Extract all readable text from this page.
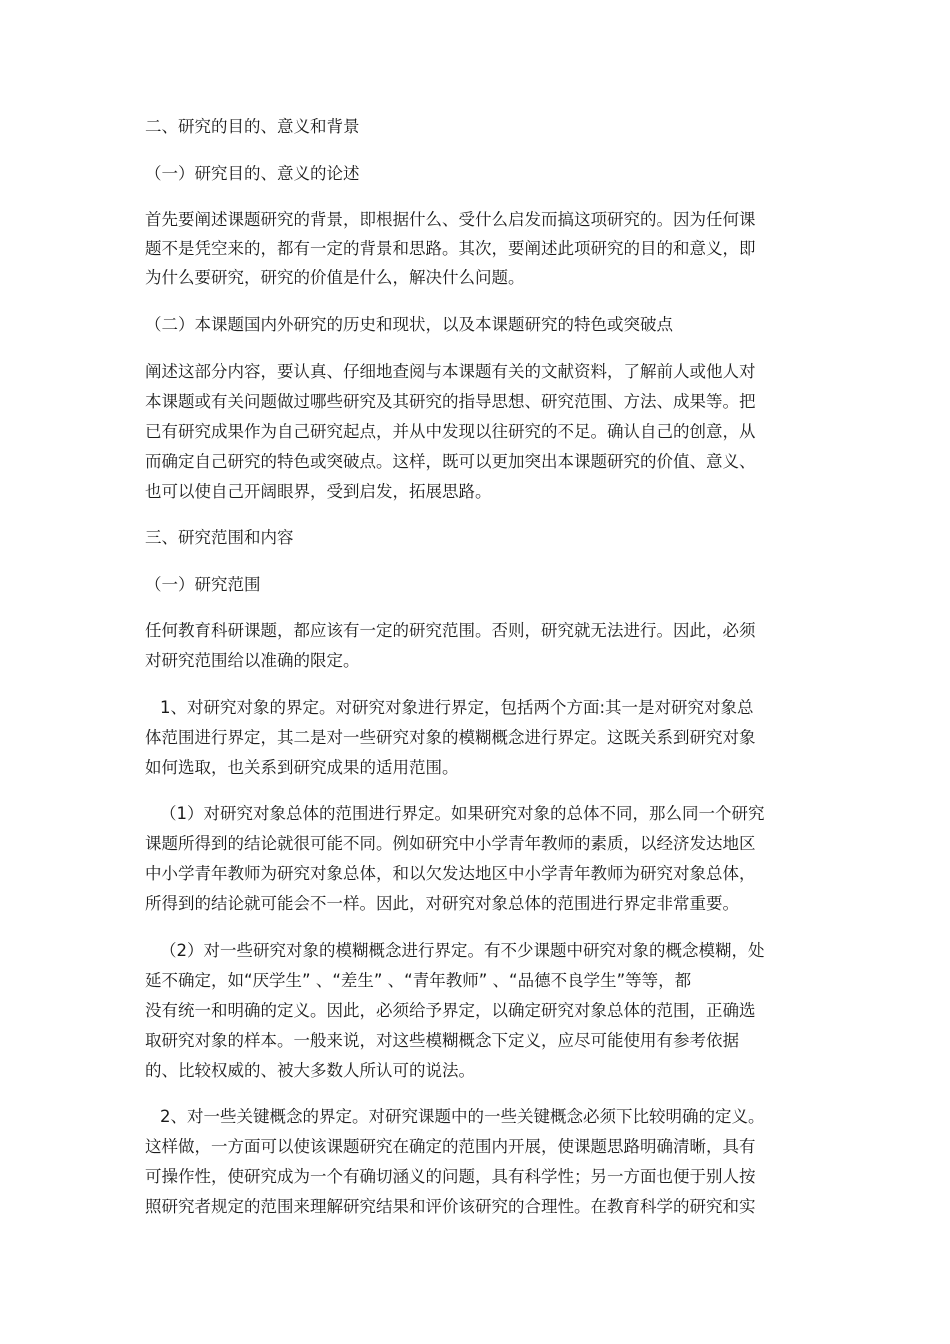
二、研究的目的、意义和背景

（一）研究目的、意义的论述

首先要阐述课题研究的背景，即根据什么、受什么启发而搞这项研究的。因为任何课

题不是凭空来的，都有一定的背景和思路。其次，要阐述此项研究的目的和意义，即

为什么要研究，研究的价值是什么，解决什么问题。

（二）本课题国内外研究的历史和现状，以及本课题研究的特色或突破点

阐述这部分内容，要认真、仔细地查阅与本课题有关的文献资料，了解前人或他人对

本课题或有关问题做过哪些研究及其研究的指导思想、研究范围、方法、成果等。把

已有研究成果作为自己研究起点，并从中发现以往研究的不足。确认自己的创意，从

而确定自己研究的特色或突破点。这样，既可以更加突出本课题研究的价值、意义、

也可以使自己开阔眼界，受到启发，拓展思路。

三、研究范围和内容

（一）研究范围

任何教育科研课题，都应该有一定的研究范围。否则，研究就无法进行。因此，必须

对研究范围给以准确的限定。

1、对研究对象的界定。对研究对象进行界定，包括两个方面:其一是对研究对象总

体范围进行界定，其二是对一些研究对象的模糊概念进行界定。这既关系到研究对象

如何选取，也关系到研究成果的适用范围。

（1）对研究对象总体的范围进行界定。如果研究对象的总体不同，那么同一个研究

课题所得到的结论就很可能不同。例如研究中小学青年教师的素质，以经济发达地区

中小学青年教师为研究对象总体，和以欠发达地区中小学青年教师为研究对象总体，

所得到的结论就可能会不一样。因此，对研究对象总体的范围进行界定非常重要。

（2）对一些研究对象的模糊概念进行界定。有不少课题中研究对象的概念模糊，处

延不确定，如“厌学生” 、“差生” 、“青年教师” 、“品德不良学生”等等，都

没有统一和明确的定义。因此，必须给予界定，以确定研究对象总体的范围，正确选

取研究对象的样本。一般来说，对这些模糊概念下定义，应尽可能使用有参考依据

的、比较权威的、被大多数人所认可的说法。

2、对一些关键概念的界定。对研究课题中的一些关键概念必须下比较明确的定义。

这样做，一方面可以使该课题研究在确定的范围内开展，使课题思路明确清晰，具有

可操作性，使研究成为一个有确切涵义的问题，具有科学性；另一方面也便于别人按

照研究者规定的范围来理解研究结果和评价该研究的合理性。在教育科学的研究和实
